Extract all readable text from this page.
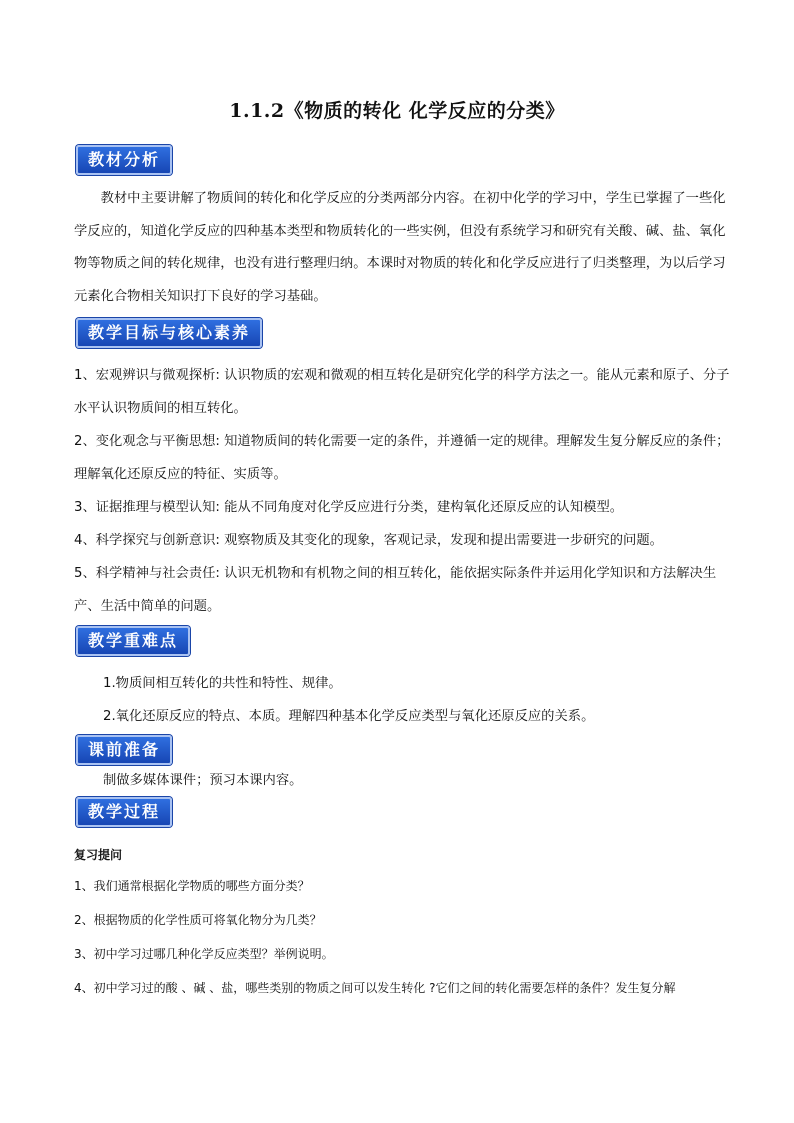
1.1.2《物质的转化 化学反应的分类》
教材分析

教材中主要讲解了物质间的转化和化学反应的分类两部分内容。在初中化学的学习中，学生已掌握了一些化学反应的，知道化学反应的四种基本类型和物质转化的一些实例，但没有系统学习和研究有关酸、碱、盐、氧化物等物质之间的转化规律，也没有进行整理归纳。本课时对物质的转化和化学反应进行了归类整理，为以后学习元素化合物相关知识打下良好的学习基础。

教学目标与核心素养

1、宏观辨识与微观探析: 认识物质的宏观和微观的相互转化是研究化学的科学方法之一。能从元素和原子、分子水平认识物质间的相互转化。

2、变化观念与平衡思想: 知道物质间的转化需要一定的条件，并遵循一定的规律。理解发生复分解反应的条件；理解氧化还原反应的特征、实质等。

3、证据推理与模型认知: 能从不同角度对化学反应进行分类，建构氧化还原反应的认知模型。

4、科学探究与创新意识: 观察物质及其变化的现象，客观记录，发现和提出需要进一步研究的问题。

5、科学精神与社会责任: 认识无机物和有机物之间的相互转化，能依据实际条件并运用化学知识和方法解决生产、生活中简单的问题。

教学重难点

1.物质间相互转化的共性和特性、规律。

2.氧化还原反应的特点、本质。理解四种基本化学反应类型与氧化还原反应的关系。

课前准备

制做多媒体课件；预习本课内容。

教学过程
复习提问

1、我们通常根据化学物质的哪些方面分类？

2、根据物质的化学性质可将氧化物分为几类？

3、初中学习过哪几种化学反应类型？举例说明。

4、初中学习过的酸 、碱 、盐，哪些类别的物质之间可以发生转化 ?它们之间的转化需要怎样的条件？发生复分解
